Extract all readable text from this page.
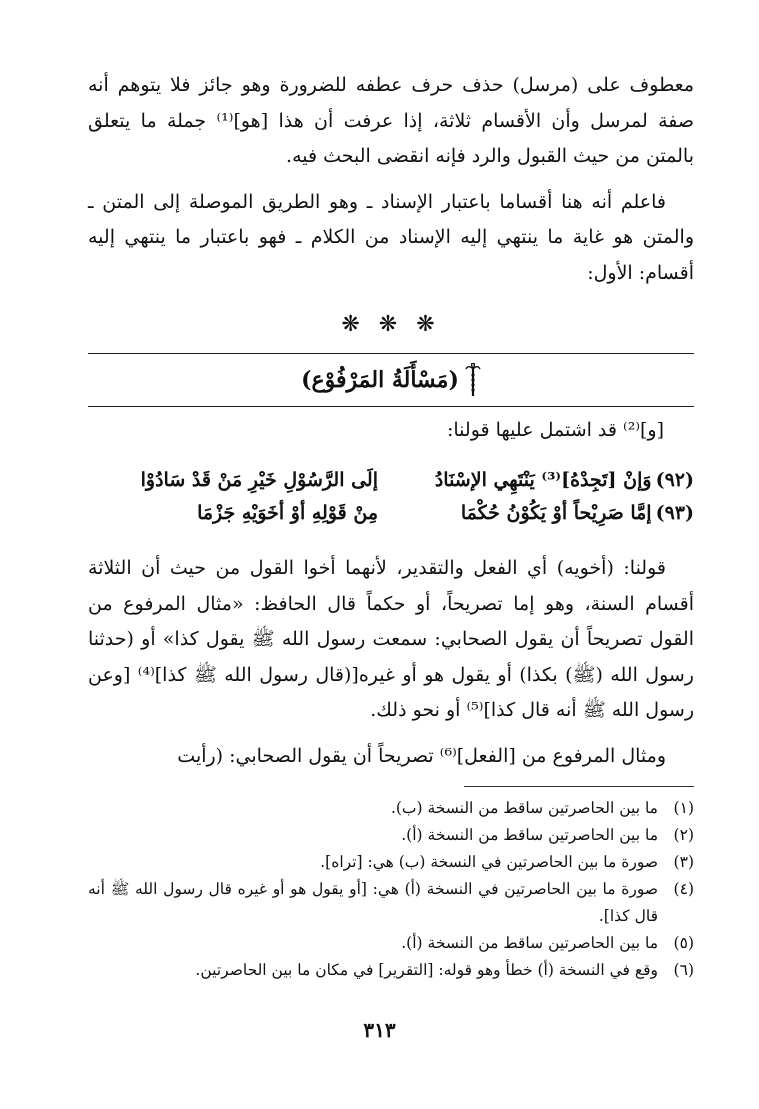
معطوف على (مرسل) حذف حرف عطفه للضرورة وهو جائز فلا يتوهم أنه صفة لمرسل وأن الأقسام ثلاثة، إذا عرفت أن هذا [هو]⁽¹⁾ جملة ما يتعلق بالمتن من حيث القبول والرد فإنه انقضى البحث فيه.

فاعلم أنه هنا أقساما باعتبار الإسناد ـ وهو الطريق الموصلة إلى المتن ـ والمتن هو غاية ما ينتهي إليه الإسناد من الكلام ـ فهو باعتبار ما ينتهي إليه أقسام: الأول:

❋ ❋ ❋
(مَسْأَلَةُ المَرْفُوْع)
[و]⁽²⁾ قد اشتمل عليها قولنا:
(٩٢)وَإنْ [تَجِدْهُ]⁽³⁾ يَنْتَهِي الإسْنَادُ
إلَى الرَّسُوْلِ خَيْرِ مَنْ قَدْ سَادُوْا
(٩٣)إمَّا صَرِيْحاً أوْ يَكُوْنُ حُكْمَا
مِنْ قَوْلِهِ أوْ أخَوَيْهِ جَزْمَا

قولنا: (أخويه) أي الفعل والتقدير، لأنهما أخوا القول من حيث أن الثلاثة أقسام السنة، وهو إما تصريحاً، أو حكماً قال الحافظ: «مثال المرفوع من القول تصريحاً أن يقول الصحابي: سمعت رسول الله ﷺ يقول كذا» أو (حدثنا رسول الله (ﷺ) بكذا) أو يقول هو أو غيره[(قال رسول الله ﷺ كذا]⁽⁴⁾ [وعن رسول الله ﷺ أنه قال كذا]⁽⁵⁾ أو نحو ذلك.

ومثال المرفوع من [الفعل]⁽⁶⁾ تصريحاً أن يقول الصحابي: (رأيت

(١)
ما بين الحاصرتين ساقط من النسخة (ب).
(٢)
ما بين الحاصرتين ساقط من النسخة (أ).
(٣)
صورة ما بين الحاصرتين في النسخة (ب) هي: [تراه].
(٤)
صورة ما بين الحاصرتين في النسخة (أ) هي: [أو يقول هو أو غيره قال رسول الله ﷺ أنه قال كذا].
(٥)
ما بين الحاصرتين ساقط من النسخة (أ).
(٦)
وقع في النسخة (أ) خطأ وهو قوله: [التقرير] في مكان ما بين الحاصرتين.
٣١٣
